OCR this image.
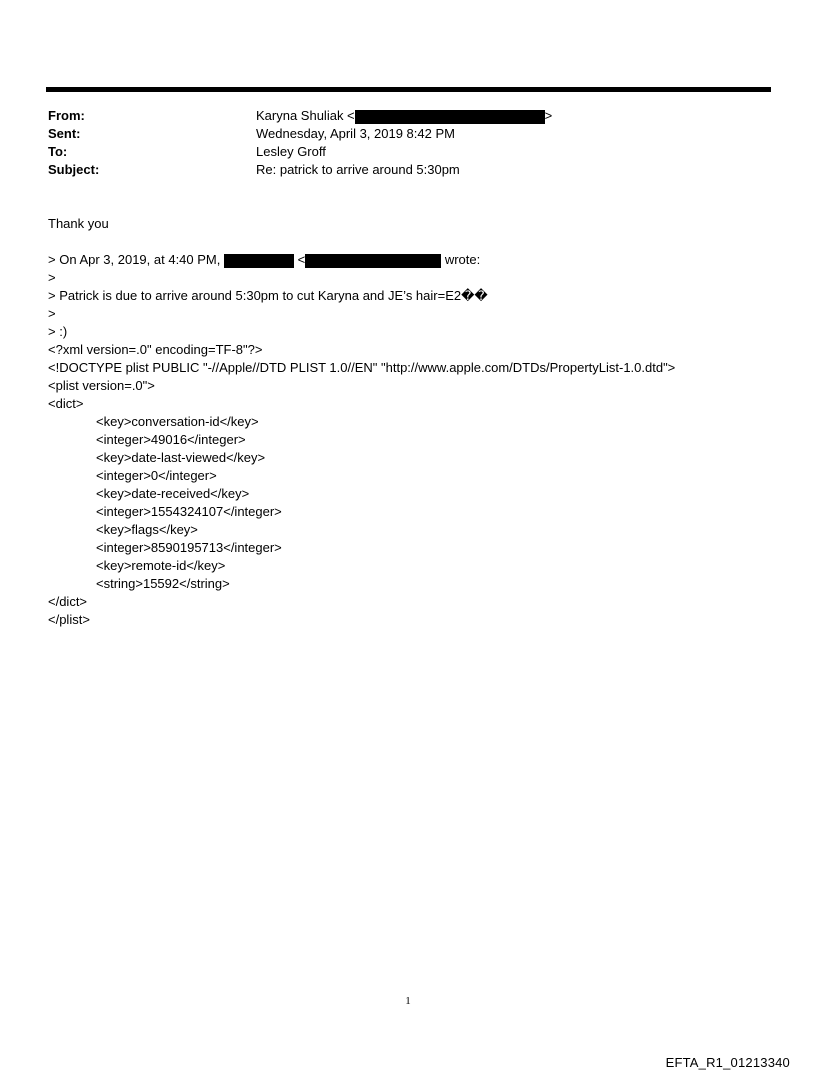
From:	Karyna Shuliak <	>
Sent:	Wednesday, April 3, 2019 8:42 PM
To:	Lesley Groff
Subject:	Re: patrick to arrive around 5:30pm
Thank you
> On Apr 3, 2019, at 4:40 PM,	<	wrote:
>
> Patrick is due to arrive around 5:30pm to cut Karyna and JE’s hair=E2��
>
> :)
<?xml version=.0" encoding=TF-8"?>
<!DOCTYPE plist PUBLIC "-//Apple//DTD PLIST 1.0//EN" "http://www.apple.com/DTDs/PropertyList-1.0.dtd">
<plist version=.0">
<dict>
<key>conversation-id</key>
<integer>49016</integer>
<key>date-last-viewed</key>
<integer>0</integer>
<key>date-received</key>
<integer>1554324107</integer>
<key>flags</key>
<integer>8590195713</integer>
<key>remote-id</key>
<string>15592</string>
</dict>
</plist>
1
EFTA_R1_01213340
